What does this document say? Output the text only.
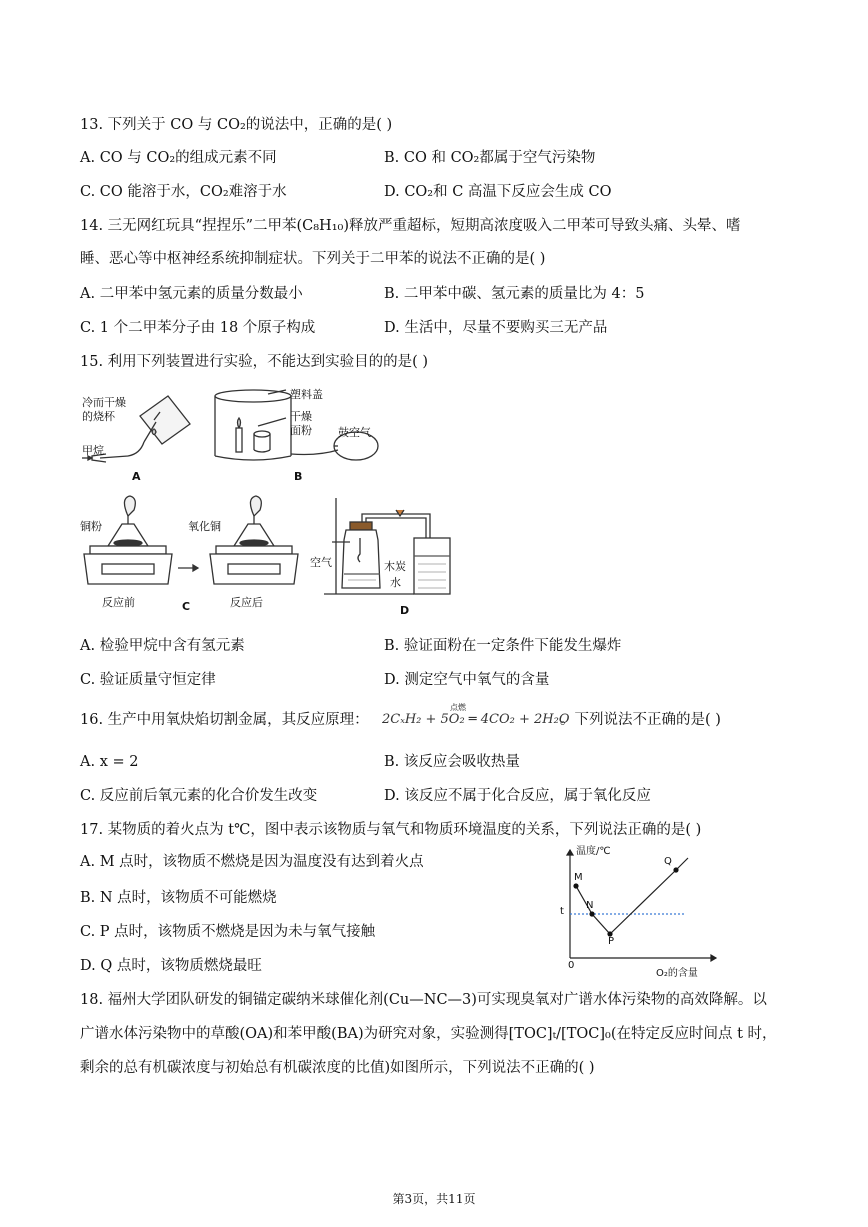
13. 下列关于 CO 与 CO₂的说法中，正确的是( )
A. CO 与 CO₂的组成元素不同	B. CO 和 CO₂都属于空气污染物
C. CO 能溶于水，CO₂难溶于水	D. CO₂和 C 高温下反应会生成 CO
14. 三无网红玩具“捏捏乐”二甲苯(C₈H₁₀)释放严重超标，短期高浓度吸入二甲苯可导致头痛、头晕、嗜
睡、恶心等中枢神经系统抑制症状。下列关于二甲苯的说法不正确的是( )
A. 二甲苯中氢元素的质量分数最小	B. 二甲苯中碳、氢元素的质量比为 4：5
C. 1 个二甲苯分子由 18 个原子构成	D. 生活中，尽量不要购买三无产品
15. 利用下列装置进行实验，不能达到实验目的的是( )
冷而干燥
的烧杯
甲烷
A
塑料盖
干燥
面粉 鼓空气
B
铜粉	氧化铜
反应前	反应后
C
空气	木炭
水
D
A. 检验甲烷中含有氢元素	B. 验证面粉在一定条件下能发生爆炸
C. 验证质量守恒定律	D. 测定空气中氧气的含量
16. 生产中用氧炔焰切割金属，其反应原理： 2CₓH₂ + 5O₂ ═ 4CO₂ + 2H₂O
点燃
。下列说法不正确的是( )
A. x = 2	B. 该反应会吸收热量
C. 反应前后氧元素的化合价发生改变	D. 该反应不属于化合反应，属于氧化反应
17. 某物质的着火点为 t℃，图中表示该物质与氧气和物质环境温度的关系，下列说法正确的是( )
A. M 点时，该物质不燃烧是因为温度没有达到着火点
B. N 点时，该物质不可能燃烧
C. P 点时，该物质不燃烧是因为未与氧气接触
D. Q 点时，该物质燃烧最旺
温度/℃
O₂的含量
0
t
M
N
P
Q
18. 福州大学团队研发的铜锚定碳纳米球催化剂(Cu—NC—3)可实现臭氧对广谱水体污染物的高效降解。以
广谱水体污染物中的草酸(OA)和苯甲酸(BA)为研究对象，实验测得[TOC]ₜ/[TOC]₀(在特定反应时间点 t 时，
剩余的总有机碳浓度与初始总有机碳浓度的比值)如图所示，下列说法不正确的( )
第3页，共11页
